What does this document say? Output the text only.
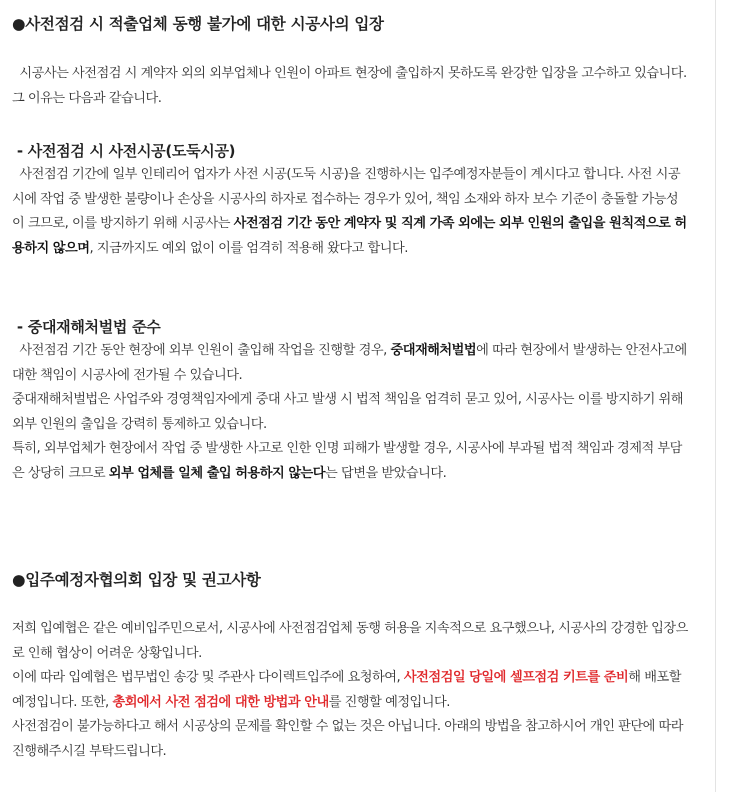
●사전점검 시 적출업체 동행 불가에 대한 시공사의 입장

시공사는 사전점검 시 계약자 외의 외부업체나 인원이 아파트 현장에 출입하지 못하도록 완강한 입장을 고수하고 있습니다. 그 이유는 다음과 같습니다.

- 사전점검 시 사전시공(도둑시공)

사전점검 기간에 일부 인테리어 업자가 사전 시공(도둑 시공)을 진행하시는 입주예정자분들이 계시다고 합니다. 사전 시공 시에 작업 중 발생한 불량이나 손상을 시공사의 하자로 접수하는 경우가 있어, 책임 소재와 하자 보수 기준이 충돌할 가능성이 크므로, 이를 방지하기 위해 시공사는 사전점검 기간 동안 계약자 및 직계 가족 외에는 외부 인원의 출입을 원칙적으로 허용하지 않으며, 지금까지도 예외 없이 이를 엄격히 적용해 왔다고 합니다.

- 중대재해처벌법 준수

사전점검 기간 동안 현장에 외부 인원이 출입해 작업을 진행할 경우, 중대재해처벌법에 따라 현장에서 발생하는 안전사고에 대한 책임이 시공사에 전가될 수 있습니다.

중대재해처벌법은 사업주와 경영책임자에게 중대 사고 발생 시 법적 책임을 엄격히 묻고 있어, 시공사는 이를 방지하기 위해 외부 인원의 출입을 강력히 통제하고 있습니다.

특히, 외부업체가 현장에서 작업 중 발생한 사고로 인한 인명 피해가 발생할 경우, 시공사에 부과될 법적 책임과 경제적 부담은 상당히 크므로 외부 업체를 일체 출입 허용하지 않는다는 답변을 받았습니다.

●입주예정자협의회 입장 및 권고사항

저희 입예협은 같은 예비입주민으로서, 시공사에 사전점검업체 동행 허용을 지속적으로 요구했으나, 시공사의 강경한 입장으로 인해 협상이 어려운 상황입니다.

이에 따라 입예협은 법무법인 송강 및 주관사 다이렉트입주에 요청하여, 사전점검일 당일에 셀프점검 키트를 준비해 배포할 예정입니다. 또한, 총회에서 사전 점검에 대한 방법과 안내를 진행할 예정입니다.

사전점검이 불가능하다고 해서 시공상의 문제를 확인할 수 없는 것은 아닙니다. 아래의 방법을 참고하시어 개인 판단에 따라 진행해주시길 부탁드립니다.
